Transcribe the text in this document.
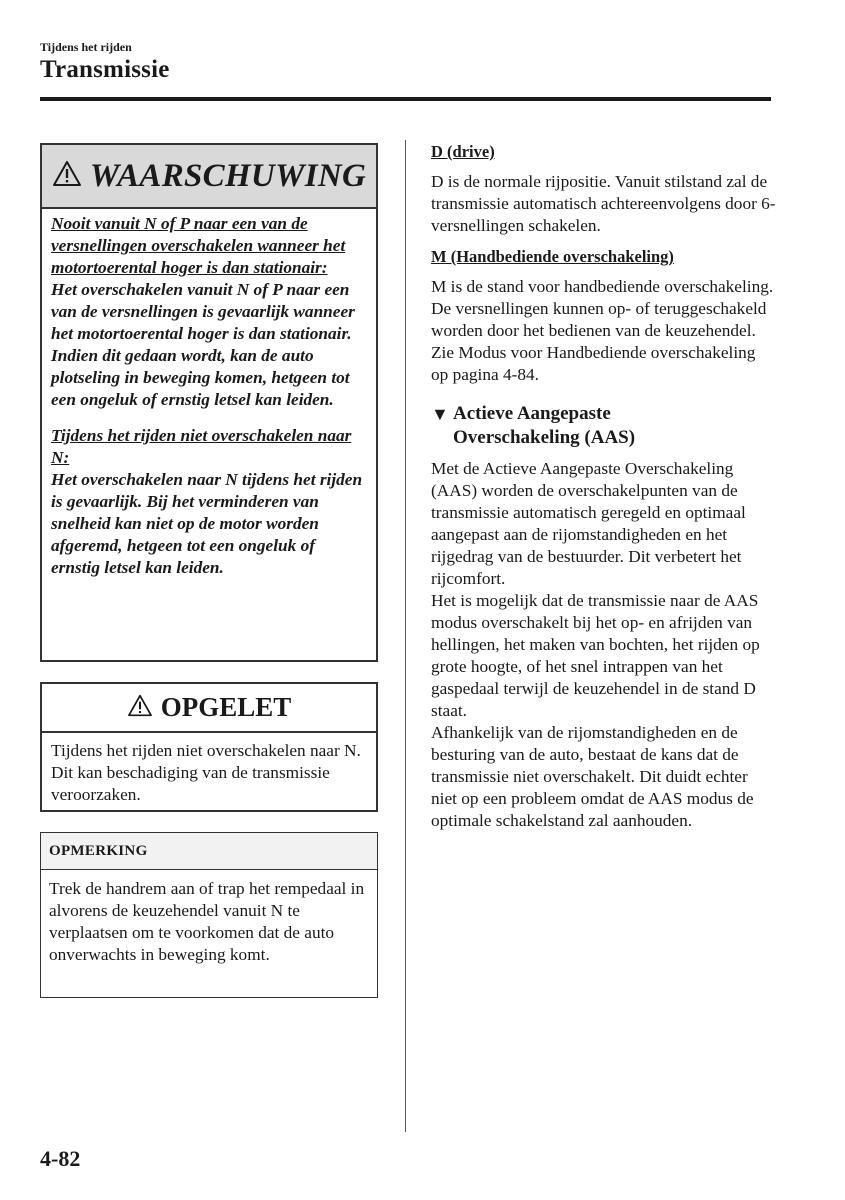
Tijdens het rijden
Transmissie
WAARSCHUWING
Nooit vanuit N of P naar een van de versnellingen overschakelen wanneer het motortoerental hoger is dan stationair:

Het overschakelen vanuit N of P naar een van de versnellingen is gevaarlijk wanneer het motortoerental hoger is dan stationair. Indien dit gedaan wordt, kan de auto plotseling in beweging komen, hetgeen tot een ongeluk of ernstig letsel kan leiden.

Tijdens het rijden niet overschakelen naar N:

Het overschakelen naar N tijdens het rijden is gevaarlijk. Bij het verminderen van snelheid kan niet op de motor worden afgeremd, hetgeen tot een ongeluk of ernstig letsel kan leiden.

OPGELET
Tijdens het rijden niet overschakelen naar N. Dit kan beschadiging van de transmissie veroorzaken.
OPMERKING
Trek de handrem aan of trap het rempedaal in alvorens de keuzehendel vanuit N te verplaatsen om te voorkomen dat de auto onverwachts in beweging komt.

D (drive)

D is de normale rijpositie. Vanuit stilstand zal de transmissie automatisch achtereenvolgens door 6-versnellingen schakelen.

M (Handbediende overschakeling)

M is de stand voor handbediende overschakeling. De versnellingen kunnen op- of teruggeschakeld worden door het bedienen van de keuzehendel.

Zie Modus voor Handbediende overschakeling op pagina 4-84.

▼ Actieve Aangepaste
Overschakeling (AAS)

Met de Actieve Aangepaste Overschakeling (AAS) worden de overschakelpunten van de transmissie automatisch geregeld en optimaal aangepast aan de rijomstandigheden en het rijgedrag van de bestuurder. Dit verbetert het rijcomfort.

Het is mogelijk dat de transmissie naar de AAS modus overschakelt bij het op- en afrijden van hellingen, het maken van bochten, het rijden op grote hoogte, of het snel intrappen van het gaspedaal terwijl de keuzehendel in de stand D staat.

Afhankelijk van de rijomstandigheden en de besturing van de auto, bestaat de kans dat de transmissie niet overschakelt. Dit duidt echter niet op een probleem omdat de AAS modus de optimale schakelstand zal aanhouden.

4-82
